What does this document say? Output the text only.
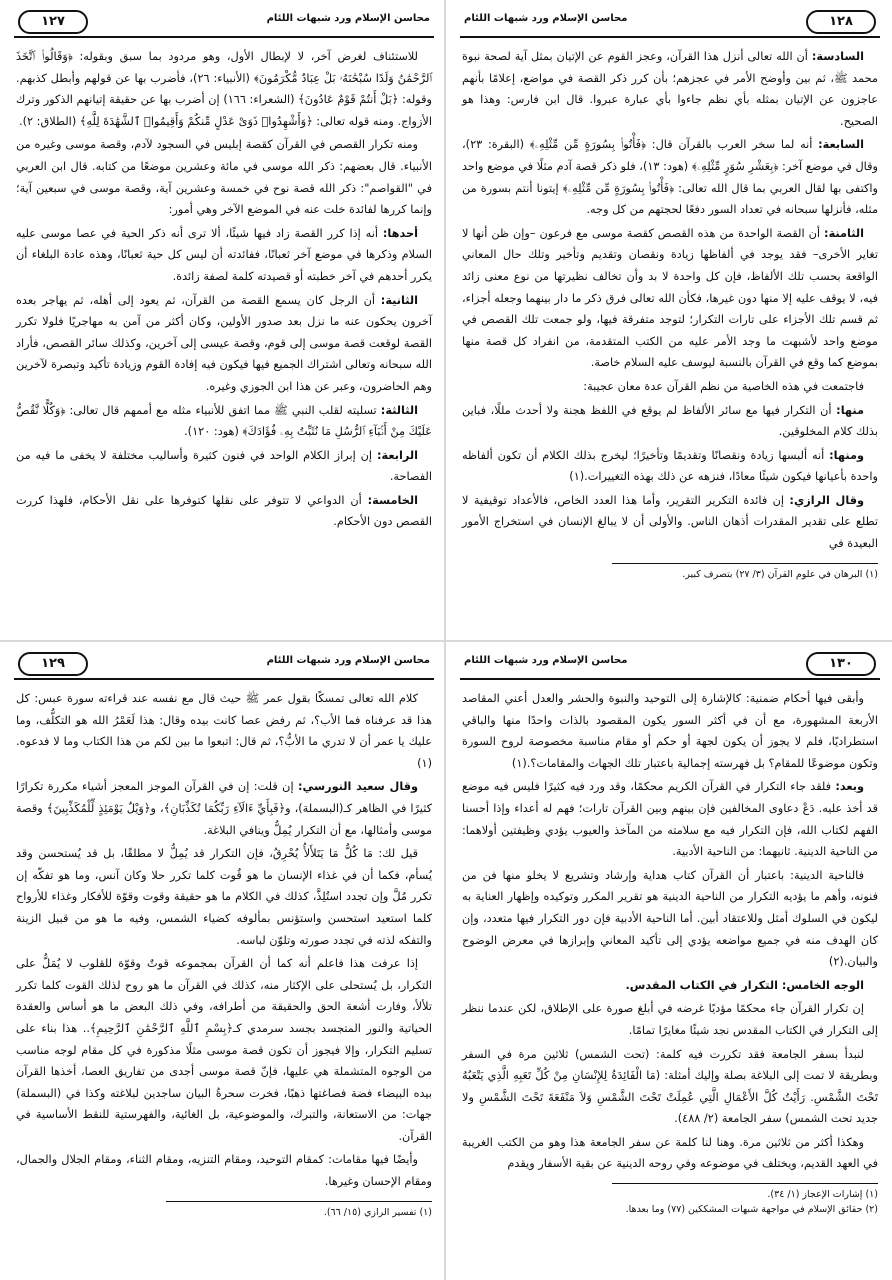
محاسن الإسلام ورد شبهات اللئام	١٢٨

السادسة: أن الله تعالى أنزل هذا القرآن، وعجز القوم عن الإتيان بمثل آية لصحة نبوة محمد ﷺ، ثم بين وأوضح الأمر في عجزهم؛ بأن كرر ذكر القصة في مواضع، إعلامًا بأنهم عاجزون عن الإتيان بمثله بأي نظم جاءوا بأي عبارة عبروا. قال ابن فارس: وهذا هو الصحيح.

السابعة: أنه لما سخر العرب بالقرآن قال: ﴿فَأْتُوا۟ بِسُورَةٍ مِّن مِّثْلِهِۦ﴾ (البقرة: ٢٣)، وقال في موضع آخر: ﴿بِعَشْرِ سُوَرٍ مِّثْلِهِۦ﴾ (هود: ١٣)، فلو ذكر قصة آدم مثلًا في موضع واحد واكتفى بها لقال العربي بما قال الله تعالى: ﴿فَأْتُوا۟ بِسُورَةٍ مِّن مِّثْلِهِۦ﴾ إيتونا أنتم بسورة من مثله، فأنزلها سبحانه في تعداد السور دفعًا لحجتهم من كل وجه.

الثامنة: أن القصة الواحدة من هذه القصص كقصة موسى مع فرعون –وإن ظن أنها لا تغاير الأخرى– فقد يوجد في ألفاظها زيادة ونقصان وتقديم وتأخير وتلك حال المعاني الواقعة بحسب تلك الألفاظ، فإن كل واحدة لا بد وأن تخالف نظيرتها من نوع معنى زائد فيه، لا يوقف عليه إلا منها دون غيرها، فكأن الله تعالى فرق ذكر ما دار بينهما وجعله أجزاء، ثم قسم تلك الأجزاء على تارات التكرار؛ لتوجد متفرقة فيها، ولو جمعت تلك القصص في موضع واحد لأشبهت ما وجد الأمر عليه من الكتب المتقدمة، من انفراد كل قصة منها بموضع كما وقع في القرآن بالنسبة ليوسف عليه السلام خاصة.

فاجتمعت في هذه الخاصية من نظم القرآن عدة معان عجيبة:

منها: أن التكرار فيها مع سائر الألفاظ لم يوقع في اللفظ هجنة ولا أحدث مللًا، فباين بذلك كلام المخلوقين.

ومنها: أنه ألبسها زيادة ونقصانًا وتقديمًا وتأخيرًا؛ ليخرج بذلك الكلام أن تكون ألفاظه واحدة بأعيانها فيكون شيئًا معادًا، فنزهه عن ذلك بهذه التغييرات.(١)

وقال الرازي: إن فائدة التكرير التقرير، وأما هذا العدد الخاص، فالأعداد توقيفية لا تطلع على تقدير المقدرات أذهان الناس. والأولى أن لا يبالغ الإنسان في استخراج الأمور البعيدة في

(١) البرهان في علوم القرآن (٣/ ٢٧) بتصرف كبير.
محاسن الإسلام ورد شبهات اللئام
١٢٧

للاستئناف لغرض آخر، لا لإبطال الأول، وهو مردود بما سبق وبقوله: ﴿وَقَالُوا۟ ٱتَّخَذَ ٱلرَّحْمَٰنُ وَلَدًا سُبْحَٰنَهُۥ بَلْ عِبَادٌ مُّكْرَمُونَ﴾ (الأنبياء: ٢٦)، فأضرب بها عن قولهم وأبطل كذبهم. وقوله: ﴿بَلْ أَنتُمْ قَوْمٌ عَادُونَ﴾ (الشعراء: ١٦٦) إن أضرب بها عن حقيقة إتيانهم الذكور وترك الأزواج. ومنه قوله تعالى: ﴿وَأَشْهِدُوا۟ ذَوَىْ عَدْلٍ مِّنكُمْ وَأَقِيمُوا۟ ٱلشَّهَٰدَةَ لِلَّهِ﴾ (الطلاق: ٢).

ومنه تكرار القصص في القرآن كقصة إبليس في السجود لآدم، وقصة موسى وغيره من الأنبياء. قال بعضهم: ذكر الله موسى في مائة وعشرين موضعًا من كتابه. قال ابن العربي في "القواصم": ذكر الله قصة نوح في خمسة وعشرين آية، وقصة موسى في سبعين آية؛ وإنما كررها لفائدة خلت عنه في الموضع الآخر وهي أمور:

أحدها: أنه إذا كرر القصة زاد فيها شيئًا، ألا ترى أنه ذكر الحية في عصا موسى عليه السلام وذكرها في موضع آخر ثعبانًا، ففائدته أن ليس كل حية ثعبانًا، وهذه عادة البلغاء أن يكرر أحدهم في آخر خطبته أو قصيدته كلمة لصفة زائدة.

الثانية: أن الرجل كان يسمع القصة من القرآن، ثم يعود إلى أهله، ثم يهاجر بعده آخرون يحكون عنه ما نزل بعد صدور الأولين، وكان أكثر من آمن به مهاجريًا فلولا تكرر القصة لوقعت قصة موسى إلى قوم، وقصة عيسى إلى آخرين، وكذلك سائر القصص، فأراد الله سبحانه وتعالى اشتراك الجميع فيها فيكون فيه إفادة القوم وزيادة تأكيد وتبصرة لآخرين وهم الحاضرون، وعبر عن هذا ابن الجوزي وغيره.

الثالثة: تسليته لقلب النبي ﷺ مما اتفق للأنبياء مثله مع أممهم قال تعالى: ﴿وَكُلًّا نَّقُصُّ عَلَيْكَ مِنْ أَنۢبَآءِ ٱلرُّسُلِ مَا نُثَبِّتُ بِهِۦ فُؤَادَكَ﴾ (هود: ١٢٠).

الرابعة: إن إبراز الكلام الواحد في فنون كثيرة وأساليب مختلفة لا يخفى ما فيه من الفصاحة.

الخامسة: أن الدواعي لا تتوفر على نقلها كتوفرها على نقل الأحكام، فلهذا كررت القصص دون الأحكام.

محاسن الإسلام ورد شبهات اللئام	١٣٠

وأبقى فيها أحكام ضمنية: كالإشارة إلى التوحيد والنبوة والحشر والعدل أعني المقاصد الأربعة المشهورة، مع أن في أكثر السور يكون المقصود بالذات واحدًا منها والباقي استطراديًا، فلم لا يجوز أن يكون لجهة أو حكم أو مقام مناسبة مخصوصة لروح السورة وتكون موضوعًا للمقام؟ بل فهرسته إجمالية باعتبار تلك الجهات والمقامات؟.(١)

وبعد: فلقد جاء التكرار في القرآن الكريم محكمًا، وقد ورد فيه كثيرًا فليس فيه موضع قد أخذ عليه. دَعْ دعاوى المخالفين فإن بينهم وبين القرآن تارات؛ فهم له أعداء وإذا أحسنا الفهم لكتاب الله، فإن التكرار فيه مع سلامته من المآخذ والعيوب يؤدي وظيفتين أولاهما: من الناحية الدينية. ثانيهما: من الناحية الأدبية.

فالناحية الدينية: باعتبار أن القرآن كتاب هداية وإرشاد وتشريع لا يخلو منها فن من فنونه، وأهم ما يؤديه التكرار من الناحية الدينية هو تقرير المكرر وتوكيده وإظهار العناية به ليكون في السلوك أمثل وللاعتقاد أبين. أما الناحية الأدبية فإن دور التكرار فيها متعدد، وإن كان الهدف منه في جميع مواضعه يؤدي إلى تأكيد المعاني وإبرازها في معرض الوضوح والبيان.(٢)

الوجه الخامس: التكرار في الكتاب المقدس.

إن تكرار القرآن جاء محكمًا مؤديًا غرضه في أبلغ صورة على الإطلاق، لكن عندما ننظر إلى التكرار في الكتاب المقدس نجد شيئًا مغايرًا تمامًا.

لنبدأ بسفر الجامعة فقد تكررت فيه كلمة: (تحت الشمس) ثلاثين مرة في السفر وبطريقة لا تمت إلى البلاغة بصلة وإليك أمثلة: (مَا الْفَائِدَةُ لِلإِنْسَانِ مِنْ كُلِّ تَعَبِهِ الَّذِي يَتْعَبُهُ تَحْتَ الشَّمْسِ. رَأَيْتُ كُلَّ الأَعْمَالِ الَّتِي عُمِلَتْ تَحْتَ الشَّمْسِ وَلاَ مَنْفَعَةَ تَحْتَ الشَّمْسِ ولا جديد تحت الشمس) سفر الجامعة (٢/ ٤٨٨).

وهكذا أكثر من ثلاثين مرة. وهنا لنا كلمة عن سفر الجامعة هذا وهو من الكتب الغريبة في العهد القديم، ويختلف في موضوعه وفي روحه الدينية عن بقية الأسفار ويقدم

(١) إشارات الإعجاز (١/ ٣٤).
(٢) حقائق الإسلام في مواجهة شبهات المشككين (٧٧) وما بعدها.
محاسن الإسلام ورد شبهات اللئام
١٢٩

كلام الله تعالى تمسكًا بقول عمر ﷺ حيث قال مع نفسه عند قراءته سورة عبس: كل هذا قد عرفناه فما الأب؟، ثم رفض عصا كانت بيده وقال: هذا لَعَمْرُ الله هو التكلُّف، وما عليك يا عمر أن لا تدري ما الأبُّ؟، ثم قال: اتبعوا ما بين لكم من هذا الكتاب وما لا فدعوه.(١)

وقال سعيد النورسي: إن قلت: إن في القرآن الموجز المعجز أشياء مكررة تكرارًا كثيرًا في الظاهر كـ(البسملة)، و﴿فَبِأَيِّ ءَالَآءِ رَبِّكُمَا تُكَذِّبَانِ﴾، و﴿وَيْلٌ يَوْمَئِذٍ لِّلْمُكَذِّبِينَ﴾ وقصة موسى وأمثالها، مع أن التكرار يُمِلُّ وينافي البلاغة.

قيل لك: مَا كُلُّ مَا يَتَلأَلأُ يُحْرِقُ، فإن التكرار قد يُمِلُّ لا مطلقًا، بل قد يُستحسن وقد يُسأم، فكما أن في غذاء الإنسان ما هو قُوت كلما تكرر حلا وكان آنس، وما هو تفكّه إن تكرر مُلَّ وإن تجدد استُلِذَّ، كذلك في الكلام ما هو حقيقة وقوت وقوّة للأفكار وغذاء للأرواح كلما استعيد استحسن واستؤنس بمألوفه كضياء الشمس، وفيه ما هو من قبيل الزينة والتفكه لذته في تجدد صورته وتلوّن لباسه.

إذا عرفت هذا فاعلم أنه كما أن القرآن بمجموعه قوتٌ وقوّة للقلوب لا يُمَلُّ على التكرار، بل يُستحلى على الإكثار منه، كذلك في القرآن ما هو روح لذلك القوت كلما تكرر تلألأ، وفارت أشعة الحق والحقيقة من أطرافه، وفي ذلك البعض ما هو أساس والعقدة الحياتية والنور المتجسد بجسد سرمدي كـ﴿بِسْمِ ٱللَّهِ ٱلرَّحْمَٰنِ ٱلرَّحِيمِ﴾.. هذا بناء على تسليم التكرار، وإلا فيجوز أن تكون قصة موسى مثلًا مذكورة في كل مقام لوجه مناسب من الوجوه المتشملة هي عليها، فإنّ قصة موسى أجدى من تفاريق العصا، أخذها القرآن بيده البيضاء فضة فصاغتها ذهبًا، فخرت سحرةُ البيان ساجدين لبلاغته وكذا في (البسملة) جهات: من الاستعانة، والتبرك، والموضوعية، بل الغائية، والفهرستية للنقط الأساسية في القرآن.

وأيضًا فيها مقامات: كمقام التوحيد، ومقام التنزيه، ومقام الثناء، ومقام الجلال والجمال، ومقام الإحسان وغيرها.

(١) تفسير الرازي (١٥/ ٦٦).
